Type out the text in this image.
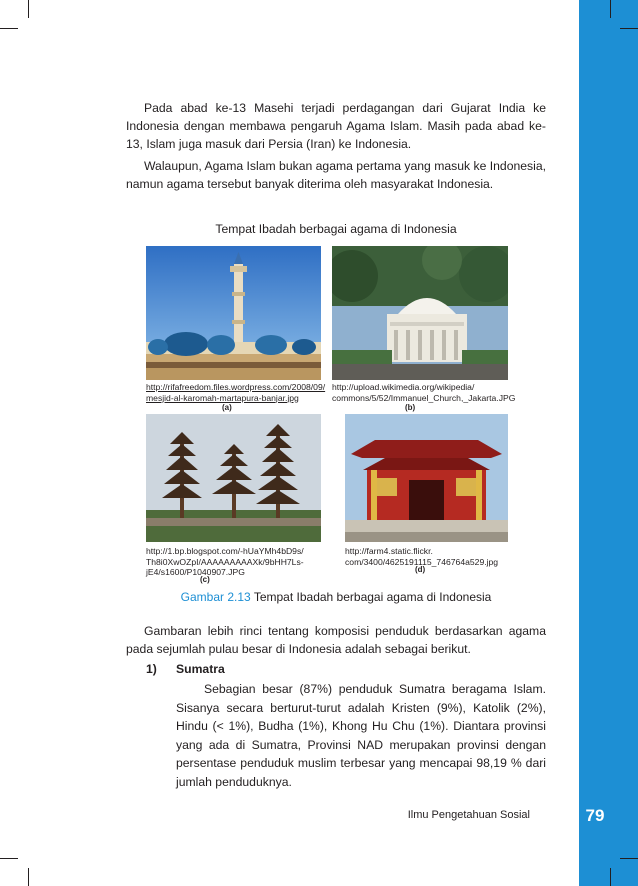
Pada abad ke-13 Masehi terjadi perdagangan dari Gujarat India ke Indonesia dengan membawa pengaruh Agama Islam. Masih pada abad ke-13, Islam juga masuk dari Persia (Iran) ke Indonesia.

Walaupun, Agama Islam bukan agama pertama yang masuk ke Indonesia, namun agama tersebut banyak diterima oleh masyarakat Indonesia.

Tempat Ibadah berbagai agama di Indonesia

http://rifafreedom.files.wordpress.com/2008/09/ mesjid-al-karomah-martapura-banjar.jpg
(a)
http://upload.wikimedia.org/wikipedia/ commons/5/52/Immanuel_Church,_Jakarta.JPG
(b)
http://1.bp.blogspot.com/-hUaYMh4bD9s/ Th8i0XwOZpI/AAAAAAAAAXk/9bHH7Ls- jE4/s1600/P1040907.JPG
(c)
http://farm4.static.flickr. com/3400/4625191115_746764a529.jpg
(d)
Gambar 2.13 Tempat Ibadah berbagai agama di Indonesia

Gambaran lebih rinci tentang komposisi penduduk berdasarkan agama pada sejumlah pulau besar di Indonesia adalah sebagai berikut.

1) Sumatra

Sebagian besar (87%) penduduk Sumatra beragama Islam. Sisanya secara berturut-turut adalah Kristen (9%), Katolik (2%), Hindu (< 1%), Budha (1%), Khong Hu Chu (1%). Diantara provinsi yang ada di Sumatra, Provinsi NAD merupakan provinsi dengan persentase penduduk muslim terbesar yang mencapai 98,19 % dari jumlah penduduknya.

Ilmu Pengetahuan Sosial	79
